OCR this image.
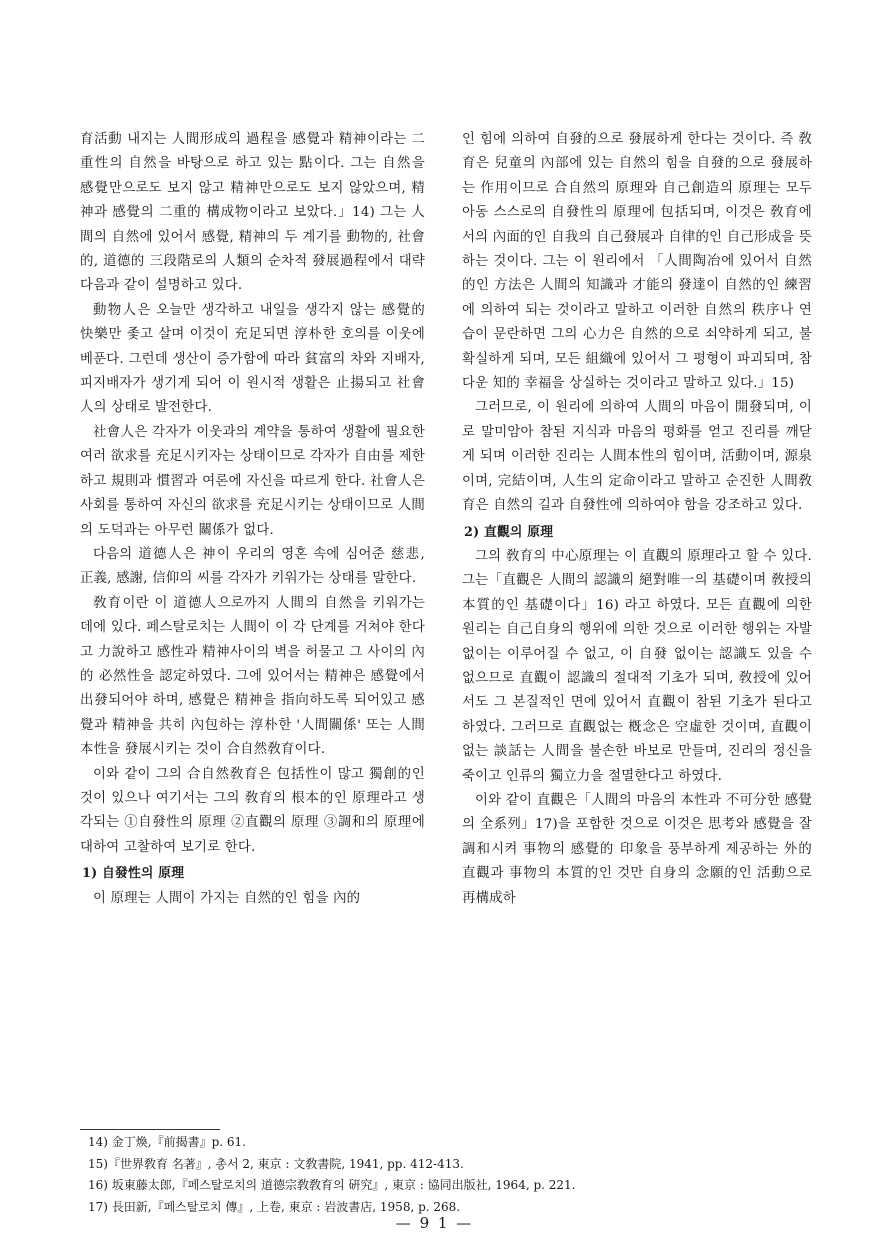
育活動 내지는 人間形成의 過程을 感覺과 精神이라는 二重性의 自然을 바탕으로 하고 있는 點이다. 그는 自然을 感覺만으로도 보지 않고 精神만으로도 보지 않았으며, 精神과 感覺의 二重的 構成物이라고 보았다.」14) 그는 人間의 自然에 있어서 感覺, 精神의 두 계기를 動物的, 社會的, 道德的 三段階로의 人類의 순차적 發展過程에서 대략 다음과 같이 설명하고 있다.

動物人은 오늘만 생각하고 내일을 생각지 않는 感覺的 快樂만 좇고 살며 이것이 充足되면 淳朴한 호의를 이웃에 베푼다. 그런데 생산이 증가함에 따라 貧富의 차와 지배자, 피지배자가 생기게 되어 이 원시적 생활은 止揚되고 社會人의 상태로 발전한다.

社會人은 각자가 이웃과의 계약을 통하여 생활에 필요한 여러 欲求를 充足시키자는 상태이므로 각자가 自由를 제한하고 規則과 慣習과 여론에 자신을 따르게 한다. 社會人은 사회를 통하여 자신의 欲求를 充足시키는 상태이므로 人間의 도덕과는 아무런 關係가 없다.

다음의 道德人은 神이 우리의 영혼 속에 심어준 慈悲, 正義, 感謝, 信仰의 씨를 각자가 키워가는 상태를 말한다.

敎育이란 이 道德人으로까지 人間의 自然을 키워가는 데에 있다. 페스탈로치는 人間이 이 각 단계를 거쳐야 한다고 力說하고 感性과 精神사이의 벽을 허물고 그 사이의 內的 必然性을 認定하였다. 그에 있어서는 精神은 感覺에서 出發되어야 하며, 感覺은 精神을 指向하도록 되어있고 感覺과 精神을 共히 內包하는 淳朴한 '人間關係' 또는 人間本性을 發展시키는 것이 合自然敎育이다.

이와 같이 그의 合自然敎育은 包括性이 많고 獨創的인 것이 있으나 여기서는 그의 敎育의 根本的인 原理라고 생각되는 ①自發性의 原理 ②直觀의 原理 ③調和의 原理에 대하여 고찰하여 보기로 한다.

1) 自發性의 原理

이 原理는 人間이 가지는 自然的인 힘을 內的

인 힘에 의하여 自發的으로 發展하게 한다는 것이다. 즉 敎育은 兒童의 內部에 있는 自然의 힘을 自發的으로 發展하는 作用이므로 合自然의 原理와 自己創造의 原理는 모두 아동 스스로의 自發性의 原理에 包括되며, 이것은 敎育에서의 內面的인 自我의 自己發展과 自律的인 自己形成을 뜻하는 것이다. 그는 이 원리에서 「人間陶冶에 있어서 自然的인 方法은 人間의 知識과 才能의 發達이 自然的인 練習에 의하여 되는 것이라고 말하고 이러한 自然의 秩序나 연습이 문란하면 그의 心力은 自然的으로 쇠약하게 되고, 불확실하게 되며, 모든 組織에 있어서 그 평형이 파괴되며, 참다운 知的 幸福을 상실하는 것이라고 말하고 있다.」15)

그러므로, 이 원리에 의하여 人間의 마음이 開發되며, 이로 말미암아 참된 지식과 마음의 평화를 얻고 진리를 깨닫게 되며 이러한 진리는 人間本性의 힘이며, 活動이며, 源泉이며, 完結이며, 人生의 定命이라고 말하고 순진한 人間敎育은 自然의 길과 自發性에 의하여야 함을 강조하고 있다.

2) 直觀의 原理

그의 敎育의 中心原理는 이 直觀의 原理라고 할 수 있다. 그는「直觀은 人間의 認識의 絕對唯一의 基礎이며 敎授의 本質的인 基礎이다」16) 라고 하였다. 모든 直觀에 의한 원리는 自己自身의 행위에 의한 것으로 이러한 행위는 자발 없이는 이루어질 수 없고, 이 自發 없이는 認識도 있을 수 없으므로 直觀이 認識의 절대적 기초가 되며, 敎授에 있어서도 그 본질적인 면에 있어서 直觀이 참된 기초가 된다고 하였다. 그러므로 直觀없는 槪念은 空虛한 것이며, 直觀이 없는 談話는 人間을 불손한 바보로 만들며, 진리의 정신을 죽이고 인류의 獨立力을 절멸한다고 하였다.

이와 같이 直觀은「人間의 마음의 本性과 不可分한 感覺의 全系列」17)을 포함한 것으로 이것은 思考와 感覺을 잘 調和시켜 事物의 感覺的 印象을 풍부하게 제공하는 外的 直觀과 事物의 本質的인 것만 自身의 念願的인 活動으로 再構成하

14) 金丁煥,『前揭書』p. 61.
15)『世界敎育 名著』, 총서 2, 東京 : 文敎書院, 1941, pp. 412-413.
16) 坂東藤太郎,『페스탈로치의 道德宗敎敎育의 硏究』, 東京 : 協同出版社, 1964, p. 221.
17) 長田新,『페스탈로치 傳』, 上卷, 東京 : 岩波書店, 1958, p. 268.
— 9 1 —
